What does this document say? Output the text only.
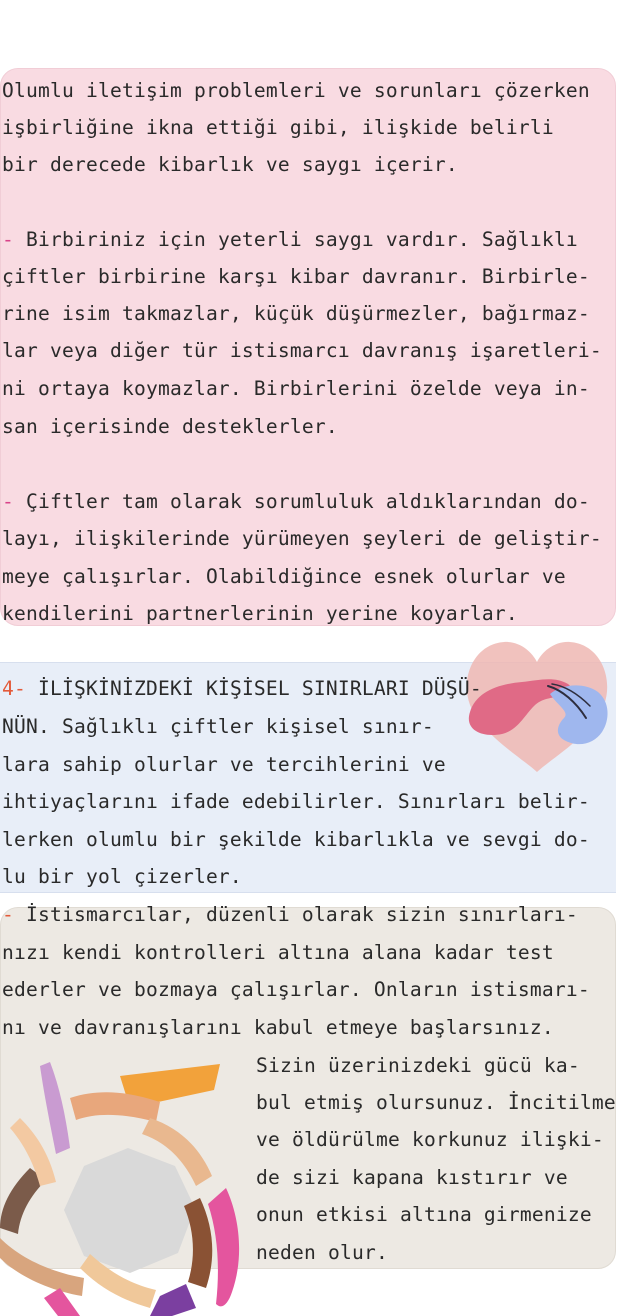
Olumlu iletişim problemleri ve sorunları çözerken
işbirliğine ikna ettiği gibi, ilişkide belirli
bir derecede kibarlık ve saygı içerir.
- Birbiriniz için yeterli saygı vardır. Sağlıklı
çiftler birbirine karşı kibar davranır. Birbirle-
rine isim takmazlar, küçük düşürmezler, bağırmaz-
lar veya diğer tür istismarcı davranış işaretleri-
ni ortaya koymazlar. Birbirlerini özelde veya in-
san içerisinde desteklerler.
- Çiftler tam olarak sorumluluk aldıklarından do-
layı, ilişkilerinde yürümeyen şeyleri de geliştir-
meye çalışırlar. Olabildiğince esnek olurlar ve
kendilerini partnerlerinin yerine koyarlar.
4- İLİŞKİNİZDEKİ KİŞİSEL SINIRLARI DÜŞÜ-
NÜN. Sağlıklı çiftler kişisel sınır-
lara sahip olurlar ve tercihlerini ve
ihtiyaçlarını ifade edebilirler. Sınırları belir-
lerken olumlu bir şekilde kibarlıkla ve sevgi do-
lu bir yol çizerler.
- İstismarcılar, düzenli olarak sizin sınırları-
nızı kendi kontrolleri altına alana kadar test
ederler ve bozmaya çalışırlar. Onların istismarı-
nı ve davranışlarını kabul etmeye başlarsınız.
Sizin üzerinizdeki gücü ka-
bul etmiş olursunuz. İncitilme
ve öldürülme korkunuz ilişki-
de sizi kapana kıstırır ve
onun etkisi altına girmenize
neden olur.
